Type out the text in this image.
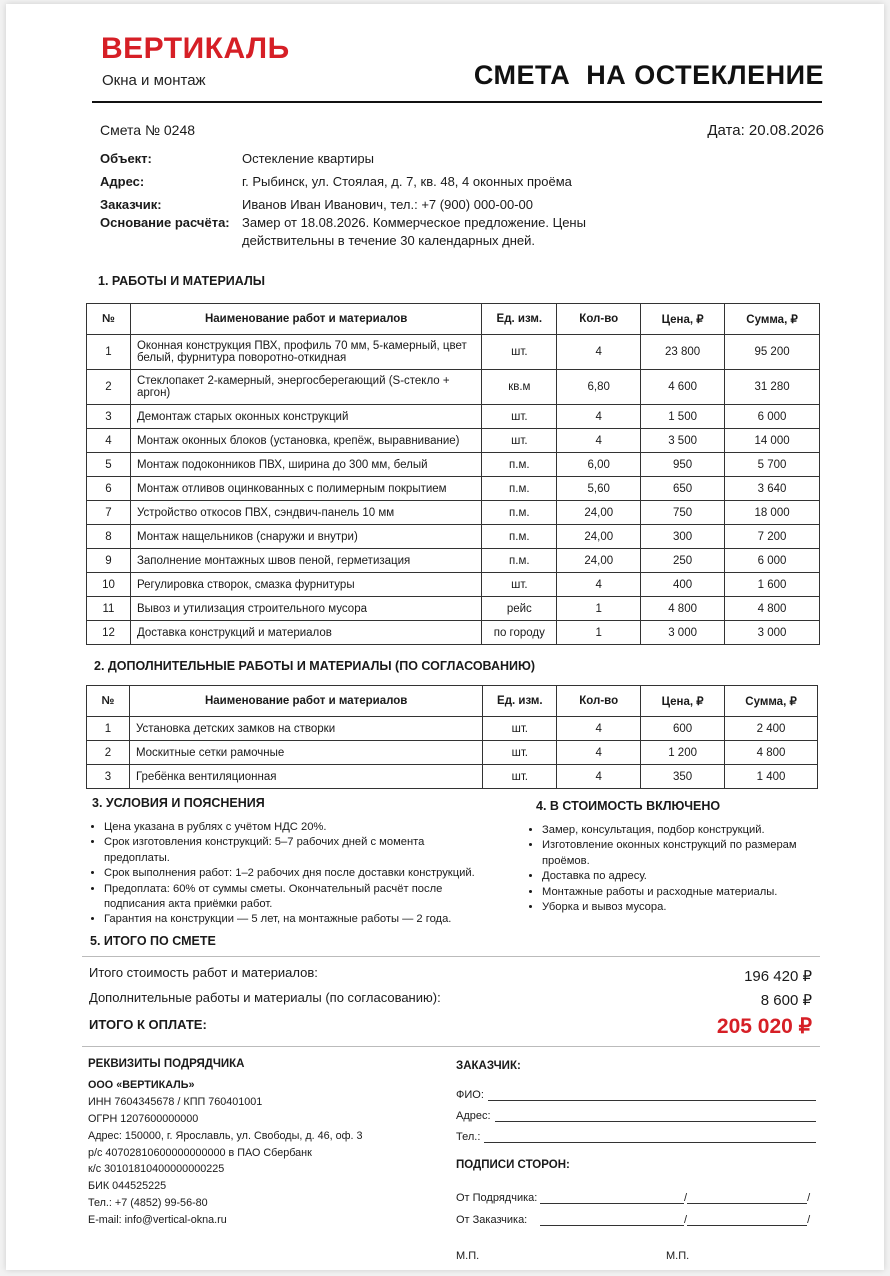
ВЕРТИКАЛЬ
Окна и монтаж	СМЕТА  НА ОСТЕКЛЕНИЕ
Смета № 0248	Дата: 20.08.2026
Объект:	Остекление квартиры
Адрес:	г. Рыбинск, ул. Стоялая, д. 7, кв. 48, 4 оконных проёма
Заказчик:	Иванов Иван Иванович, тел.: +7 (900) 000-00-00
Основание расчёта: Замер от 18.08.2026. Коммерческое предложение. Цены действительны в течение 30 календарных дней.
1. РАБОТЫ И МАТЕРИАЛЫ
№	Наименование работ и материалов	Ед. изм.	Кол-во	Цена, ₽	Сумма, ₽
1	Оконная конструкция ПВХ, профиль 70 мм, 5-камерный, цвет белый, фурнитура поворотно-откидная	шт.	4	23 800	95 200
2	Стеклопакет 2-камерный, энергосберегающий (S-стекло + аргон)	кв.м	6,80	4 600	31 280
3	Демонтаж старых оконных конструкций	шт.	4	1 500	6 000
4	Монтаж оконных блоков (установка, крепёж, выравнивание)	шт.	4	3 500	14 000
5	Монтаж подоконников ПВХ, ширина до 300 мм, белый	п.м.	6,00	950	5 700
6	Монтаж отливов оцинкованных с полимерным покрытием	п.м.	5,60	650	3 640
7	Устройство откосов ПВХ, сэндвич-панель 10 мм	п.м.	24,00	750	18 000
8	Монтаж нащельников (снаружи и внутри)	п.м.	24,00	300	7 200
9	Заполнение монтажных швов пеной, герметизация	п.м.	24,00	250	6 000
10	Регулировка створок, смазка фурнитуры	шт.	4	400	1 600
11	Вывоз и утилизация строительного мусора	рейс	1	4 800	4 800
12	Доставка конструкций и материалов	по городу	1	3 000	3 000
2. ДОПОЛНИТЕЛЬНЫЕ РАБОТЫ И МАТЕРИАЛЫ (ПО СОГЛАСОВАНИЮ)
№	Наименование работ и материалов	Ед. изм.	Кол-во	Цена, ₽	Сумма, ₽
1	Установка детских замков на створки	шт.	4	600	2 400
2	Москитные сетки рамочные	шт.	4	1 200	4 800
3	Гребёнка вентиляционная	шт.	4	350	1 400
3. УСЛОВИЯ И ПОЯСНЕНИЯ
• Цена указана в рублях с учётом НДС 20%.
• Срок изготовления конструкций: 5–7 рабочих дней с момента предоплаты.
• Срок выполнения работ: 1–2 рабочих дня после доставки конструкций.
• Предоплата: 60% от суммы сметы. Окончательный расчёт после подписания акта приёмки работ.
• Гарантия на конструкции — 5 лет, на монтажные работы — 2 года.
4. В СТОИМОСТЬ ВКЛЮЧЕНО
• Замер, консультация, подбор конструкций.
• Изготовление оконных конструкций по размерам проёмов.
• Доставка по адресу.
• Монтажные работы и расходные материалы.
• Уборка и вывоз мусора.
5. ИТОГО ПО СМЕТЕ
Итого стоимость работ и материалов:	196 420 ₽
Дополнительные работы и материалы (по согласованию):	8 600 ₽
ИТОГО К ОПЛАТЕ:	205 020 ₽
РЕКВИЗИТЫ ПОДРЯДЧИКА
ООО «ВЕРТИКАЛЬ»
ИНН 7604345678 / КПП 760401001
ОГРН 1207600000000
Адрес: 150000, г. Ярославль, ул. Свободы, д. 46, оф. 3
р/с 40702810600000000000 в ПАО Сбербанк
к/с 30101810400000000225
БИК 044525225
Тел.: +7 (4852) 99-56-80
E-mail: info@vertical-okna.ru
ЗАКАЗЧИК:
ФИО:
Адрес:
Тел.:
ПОДПИСИ СТОРОН:
От Подрядчика:	/	/
От Заказчика:	/	/
М.П.	М.П.
